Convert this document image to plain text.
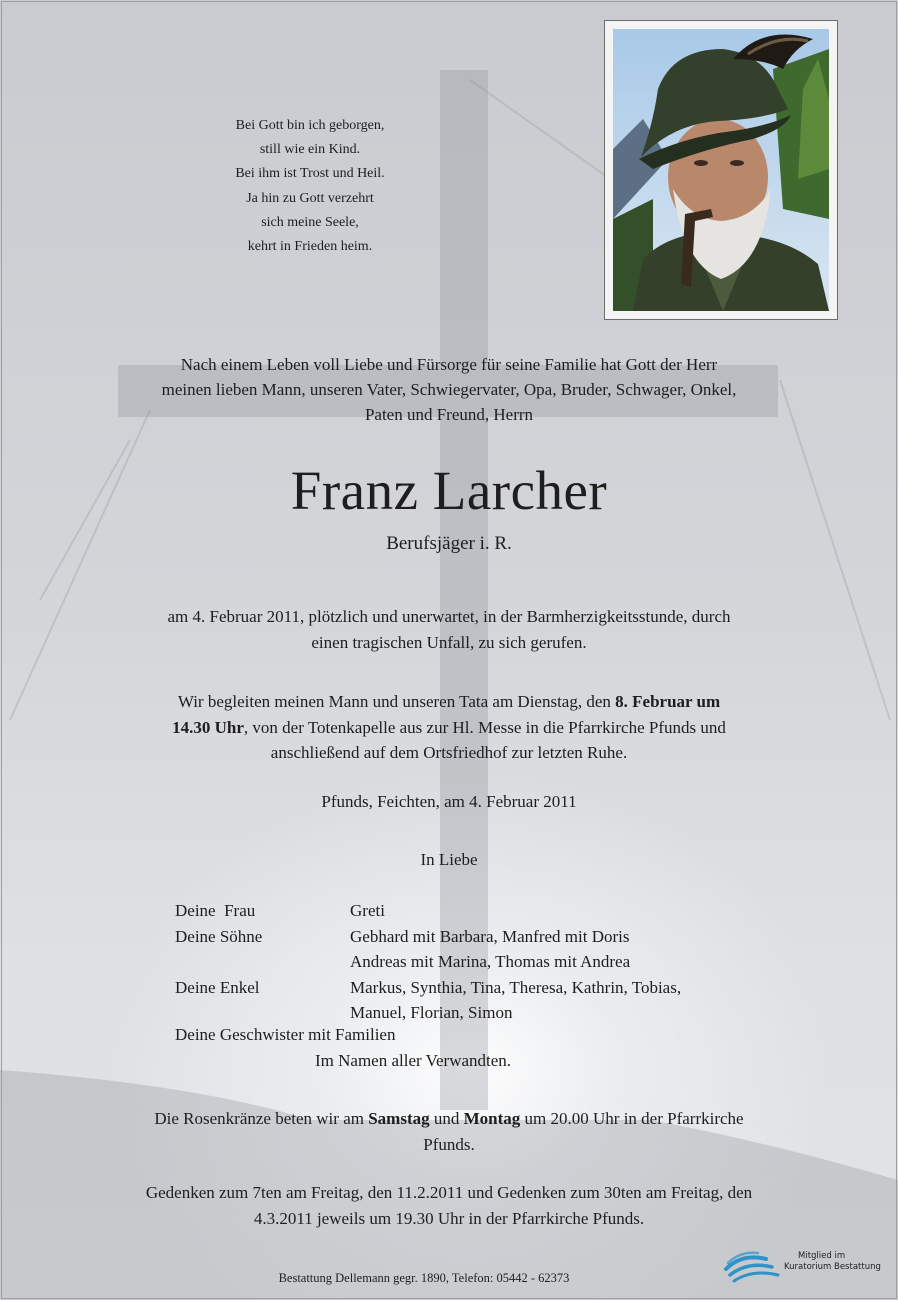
Bei Gott bin ich geborgen,
still wie ein Kind.
Bei ihm ist Trost und Heil.
Ja hin zu Gott verzehrt
sich meine Seele,
kehrt in Frieden heim.
Nach einem Leben voll Liebe und Fürsorge für seine Familie hat Gott der Herr
meinen lieben Mann, unseren Vater, Schwiegervater, Opa, Bruder, Schwager, Onkel,
Paten und Freund, Herrn
Franz Larcher
Berufsjäger i. R.
am 4. Februar 2011, plötzlich und unerwartet, in der Barmherzigkeitsstunde, durch
einen tragischen Unfall, zu sich gerufen.
Wir begleiten meinen Mann und unseren Tata am Dienstag, den 8. Februar um
14.30 Uhr, von der Totenkapelle aus zur Hl. Messe in die Pfarrkirche Pfunds und
anschließend auf dem Ortsfriedhof zur letzten Ruhe.
Pfunds, Feichten, am 4. Februar 2011
In Liebe
Deine  Frau
Deine Söhne

Deine Enkel
Greti
Gebhard mit Barbara, Manfred mit Doris
Andreas mit Marina, Thomas mit Andrea
Markus, Synthia, Tina, Theresa, Kathrin, Tobias,
Manuel, Florian, Simon
Deine Geschwister mit Familien
Im Namen aller Verwandten.
Die Rosenkränze beten wir am Samstag und Montag um 20.00 Uhr in der Pfarrkirche
Pfunds.
Gedenken zum 7ten am Freitag, den 11.2.2011 und Gedenken zum 30ten am Freitag, den
4.3.2011 jeweils um 19.30 Uhr in der Pfarrkirche Pfunds.
Bestattung Dellemann gegr. 1890, Telefon: 05442 - 62373
Mitglied im
Kuratorium Bestattung
